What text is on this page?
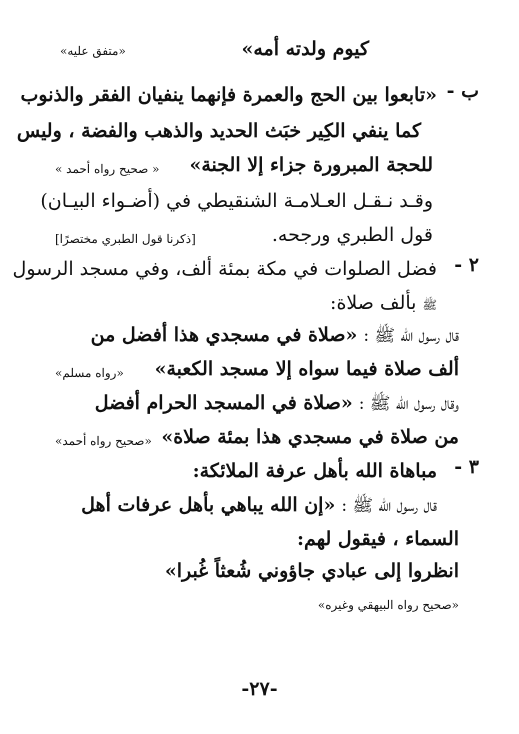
كيوم ولدته أمه»
«متفق عليه»
ب -
«تابعوا بين الحج والعمرة فإنهما ينفيان الفقر والذنوب
كما ينفي الكِير خبَث الحديد والذهب والفضة ، وليس
للحجة المبرورة جزاء إلا الجنة»
« صحيح رواه أحمد »
وقـد نـقـل العـلامـة الشنقيطي في (أضـواء البيـان)
قول الطبري ورجحه.
[ذكرنا قول الطبري مختصرًا]
٢ -
فضل الصلوات في مكة بمئة ألف، وفي مسجد الرسول
ﷺ بألف صلاة:
قال رسول الله ﷺ : «صلاة في مسجدي هذا أفضل من
ألف صلاة فيما سواه إلا مسجد الكعبة»
«رواه مسلم»
وقال رسول الله ﷺ : «صلاة في المسجد الحرام أفضل
من صلاة في مسجدي هذا بمئة صلاة»
«صحيح رواه أحمد»
٣ -
مباهاة الله بأهل عرفة الملائكة:
قال رسول الله ﷺ : «إن الله يباهي بأهل عرفات أهل
السماء ، فيقول لهم:
انظروا إلى عبادي جاؤوني شُعثاً غُبرا»
«صحيح رواه البيهقي وغيره»
-٢٧-
